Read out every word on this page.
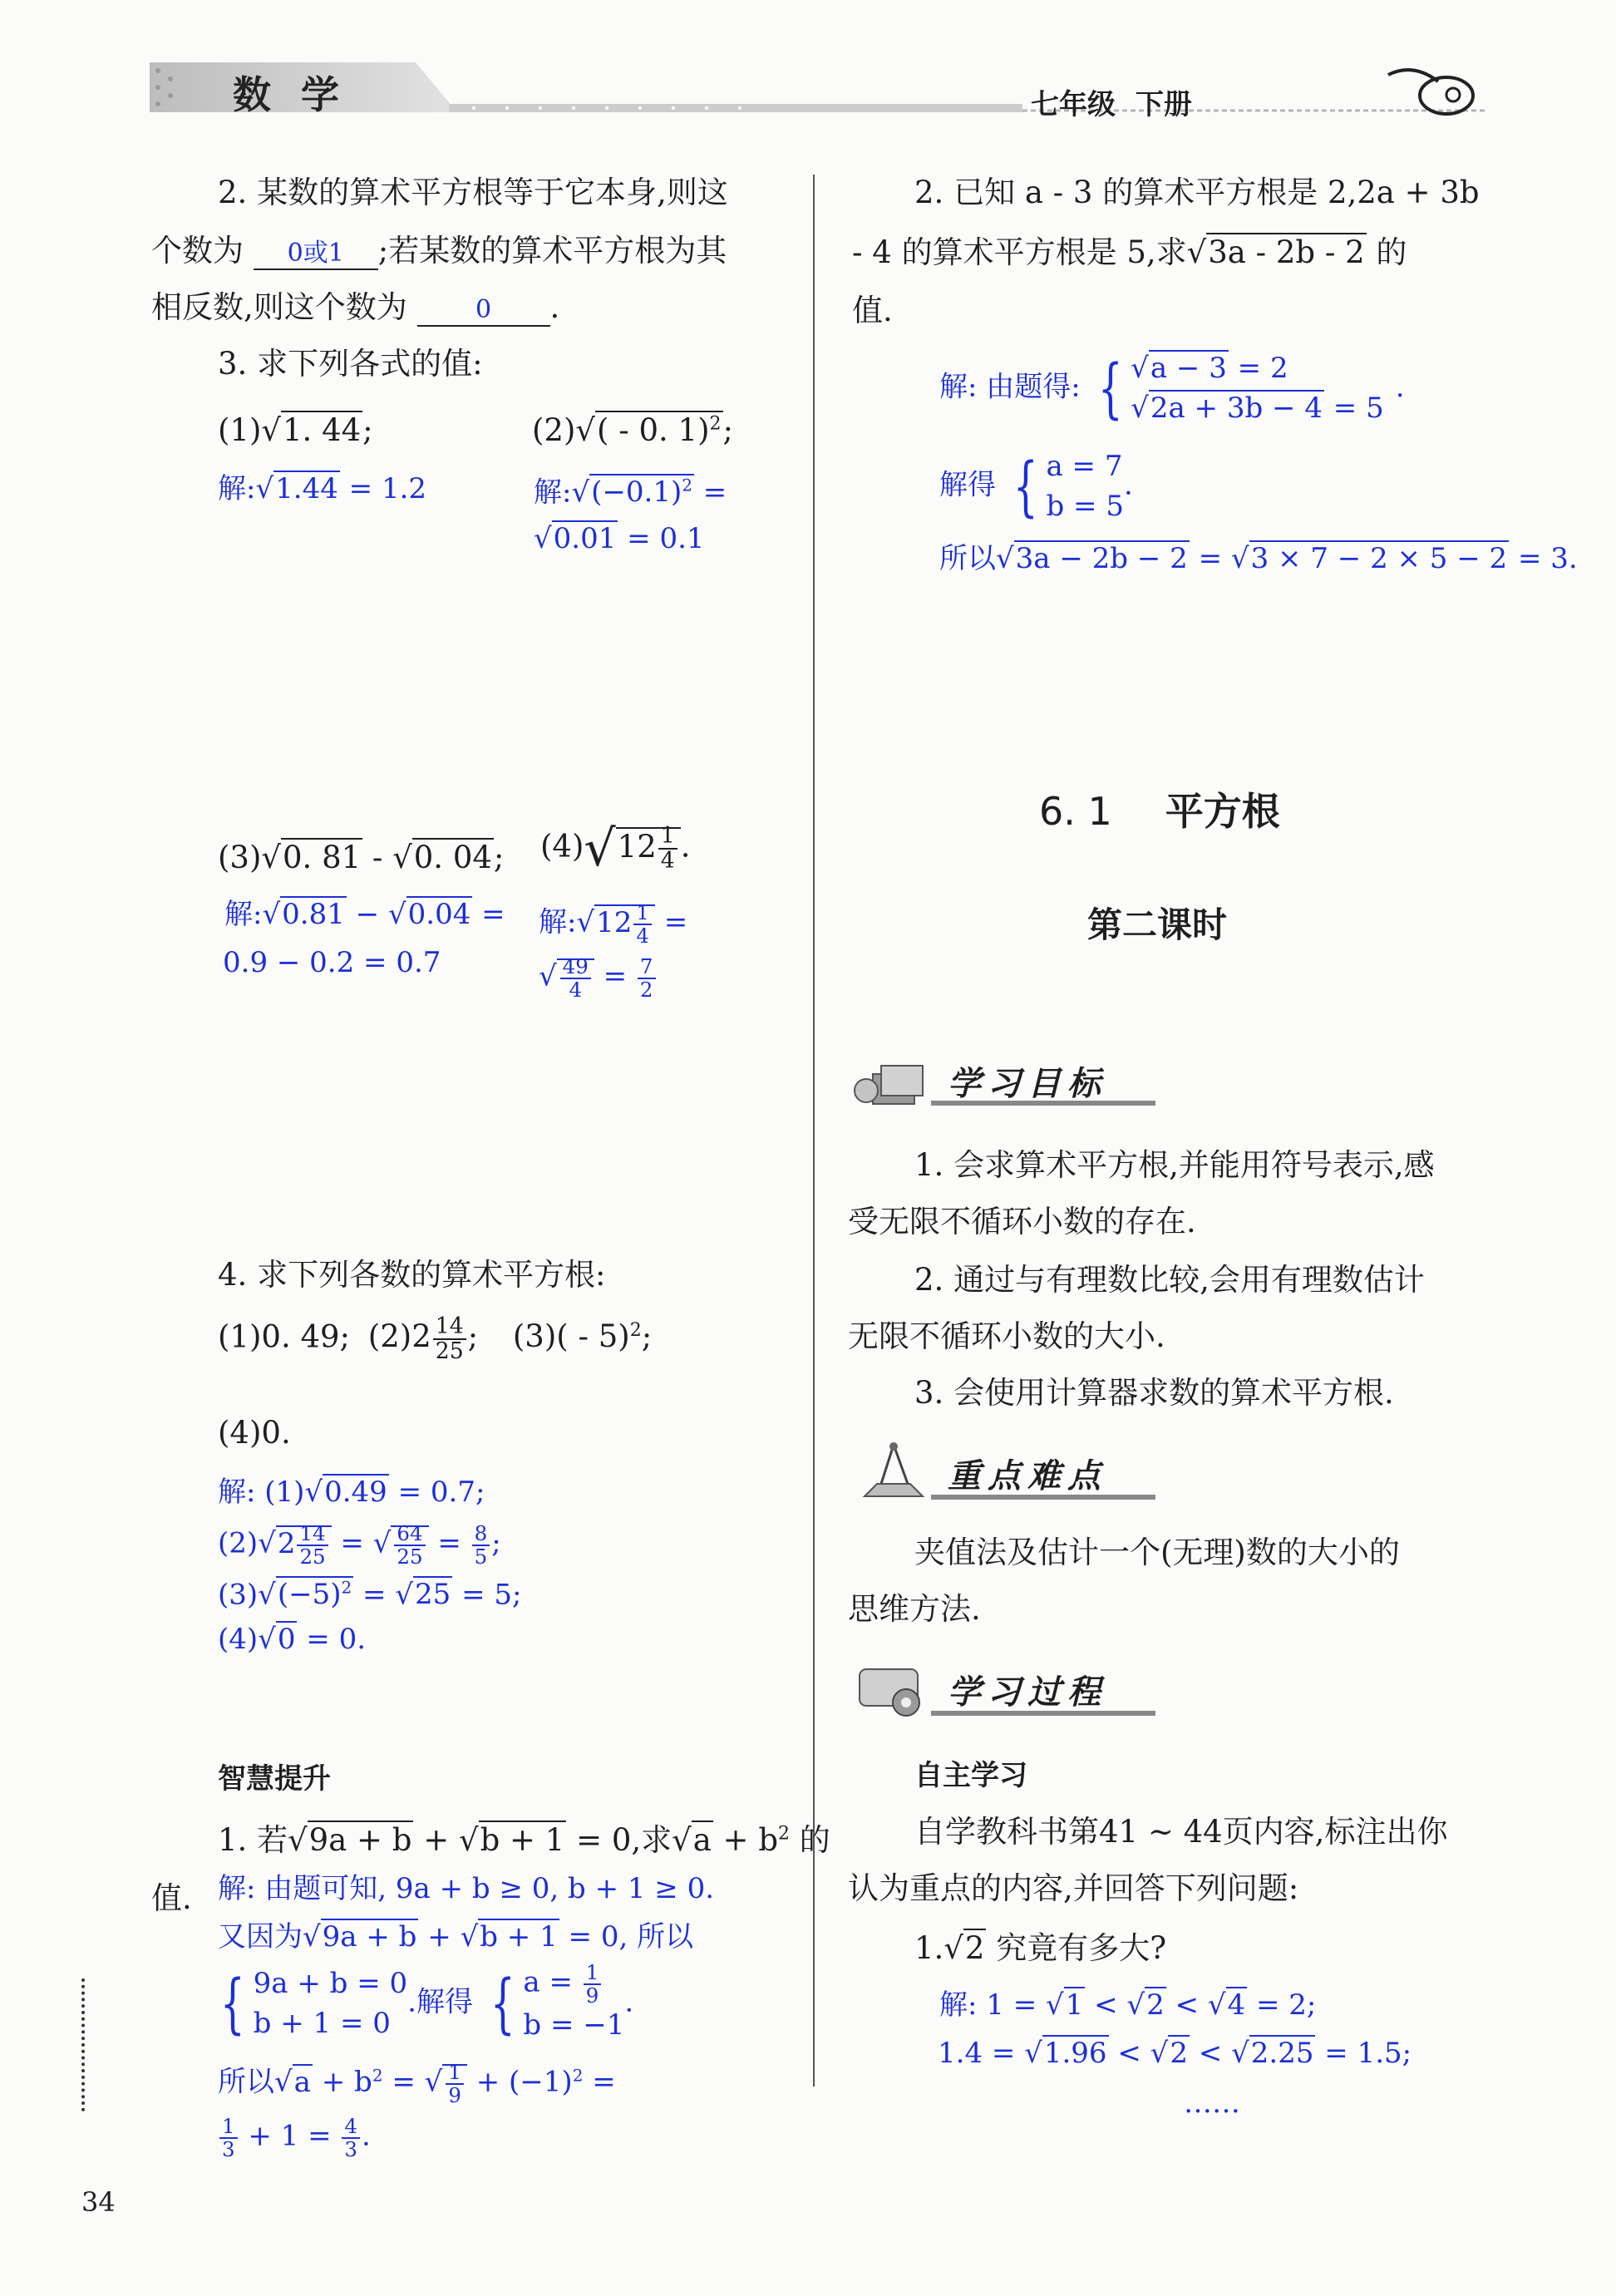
数 学	七年级 下册
2. 某数的算术平方根等于它本身,则这
个数为 0或1 ;若某数的算术平方根为其
相反数,则这个数为	0 .
3. 求下列各式的值:
(1)√1. 44;	(2)√( - 0. 1)$^2$;
解:√1.44 = 1.2	解$:√(-0.1)^2$ =
√0.01 = 0.1
(3)√0. 81 - √0. 04; $(4)√12 \frac{1}{4}$ .
解:√0.81 − √0.04 =
0.9 − 0.2 = 0.7
解:√12 $\frac{1}{4}$ =
√ $\frac{49}{4} = \frac{7}{2}$
4. 求下列各数的算术平方根:
(1)0. 49; $(2)2 \frac{14}{25}$ ; (3)( - 5)$^2$;
(4)0.
解: (1)√0.49 = 0.7;
$(2)√2 \frac{14}{25}$ = √ $\frac{64}{25} = \frac{8}{5}$ ;
$(3)√(-5)^2 = √25 = 5$;
(4)√0 = 0.
智慧提升
1. 若√9a + b + √b + 1 = 0,求$√a + b^2$ 的
值. 解: 由题可知, 9a + b ≥ 0, b + 1 ≥ 0.
又因为√9a + b + √b + 1 = 0, 所以
{ 9a + b = 0
b + 1 = 0
.解得 { $a = \frac{1}{9}$
b = −1
.
所以$√a + b^2$ = √ $\frac{1}{9} + (-1)^2$ =
$\frac{1}{3} + 1 = \frac{4}{3}$ .
34
2. 已知 a - 3 的算术平方根是 2,2a + 3b
- 4 的算术平方根是 5,求√3a - 2b - 2 的
值.
解: 由题得: { √a − 3 = 2
√2a + 3b − 4 = 5
.
解得 { a = 7
b = 5
.
所以√3a − 2b − 2 = √3 × 7 − 2 × 5 − 2 = 3.
6. 1 平方根
第二课时
学习目标
1. 会求算术平方根,并能用符号表示,感
受无限不循环小数的存在.
2. 通过与有理数比较,会用有理数估计
无限不循环小数的大小.
3. 会使用计算器求数的算术平方根.
重点难点
夹值法及估计一个(无理)数的大小的
思维方法.
学习过程
自主学习
自学教科书第41 ~ 44页内容,标注出你
认为重点的内容,并回答下列问题:
1.√2 究竟有多大?
解: 1 = √1 < √2 < √4 = 2;
1.4 = √1.96 < √2 < √2.25 = 1.5;
……
